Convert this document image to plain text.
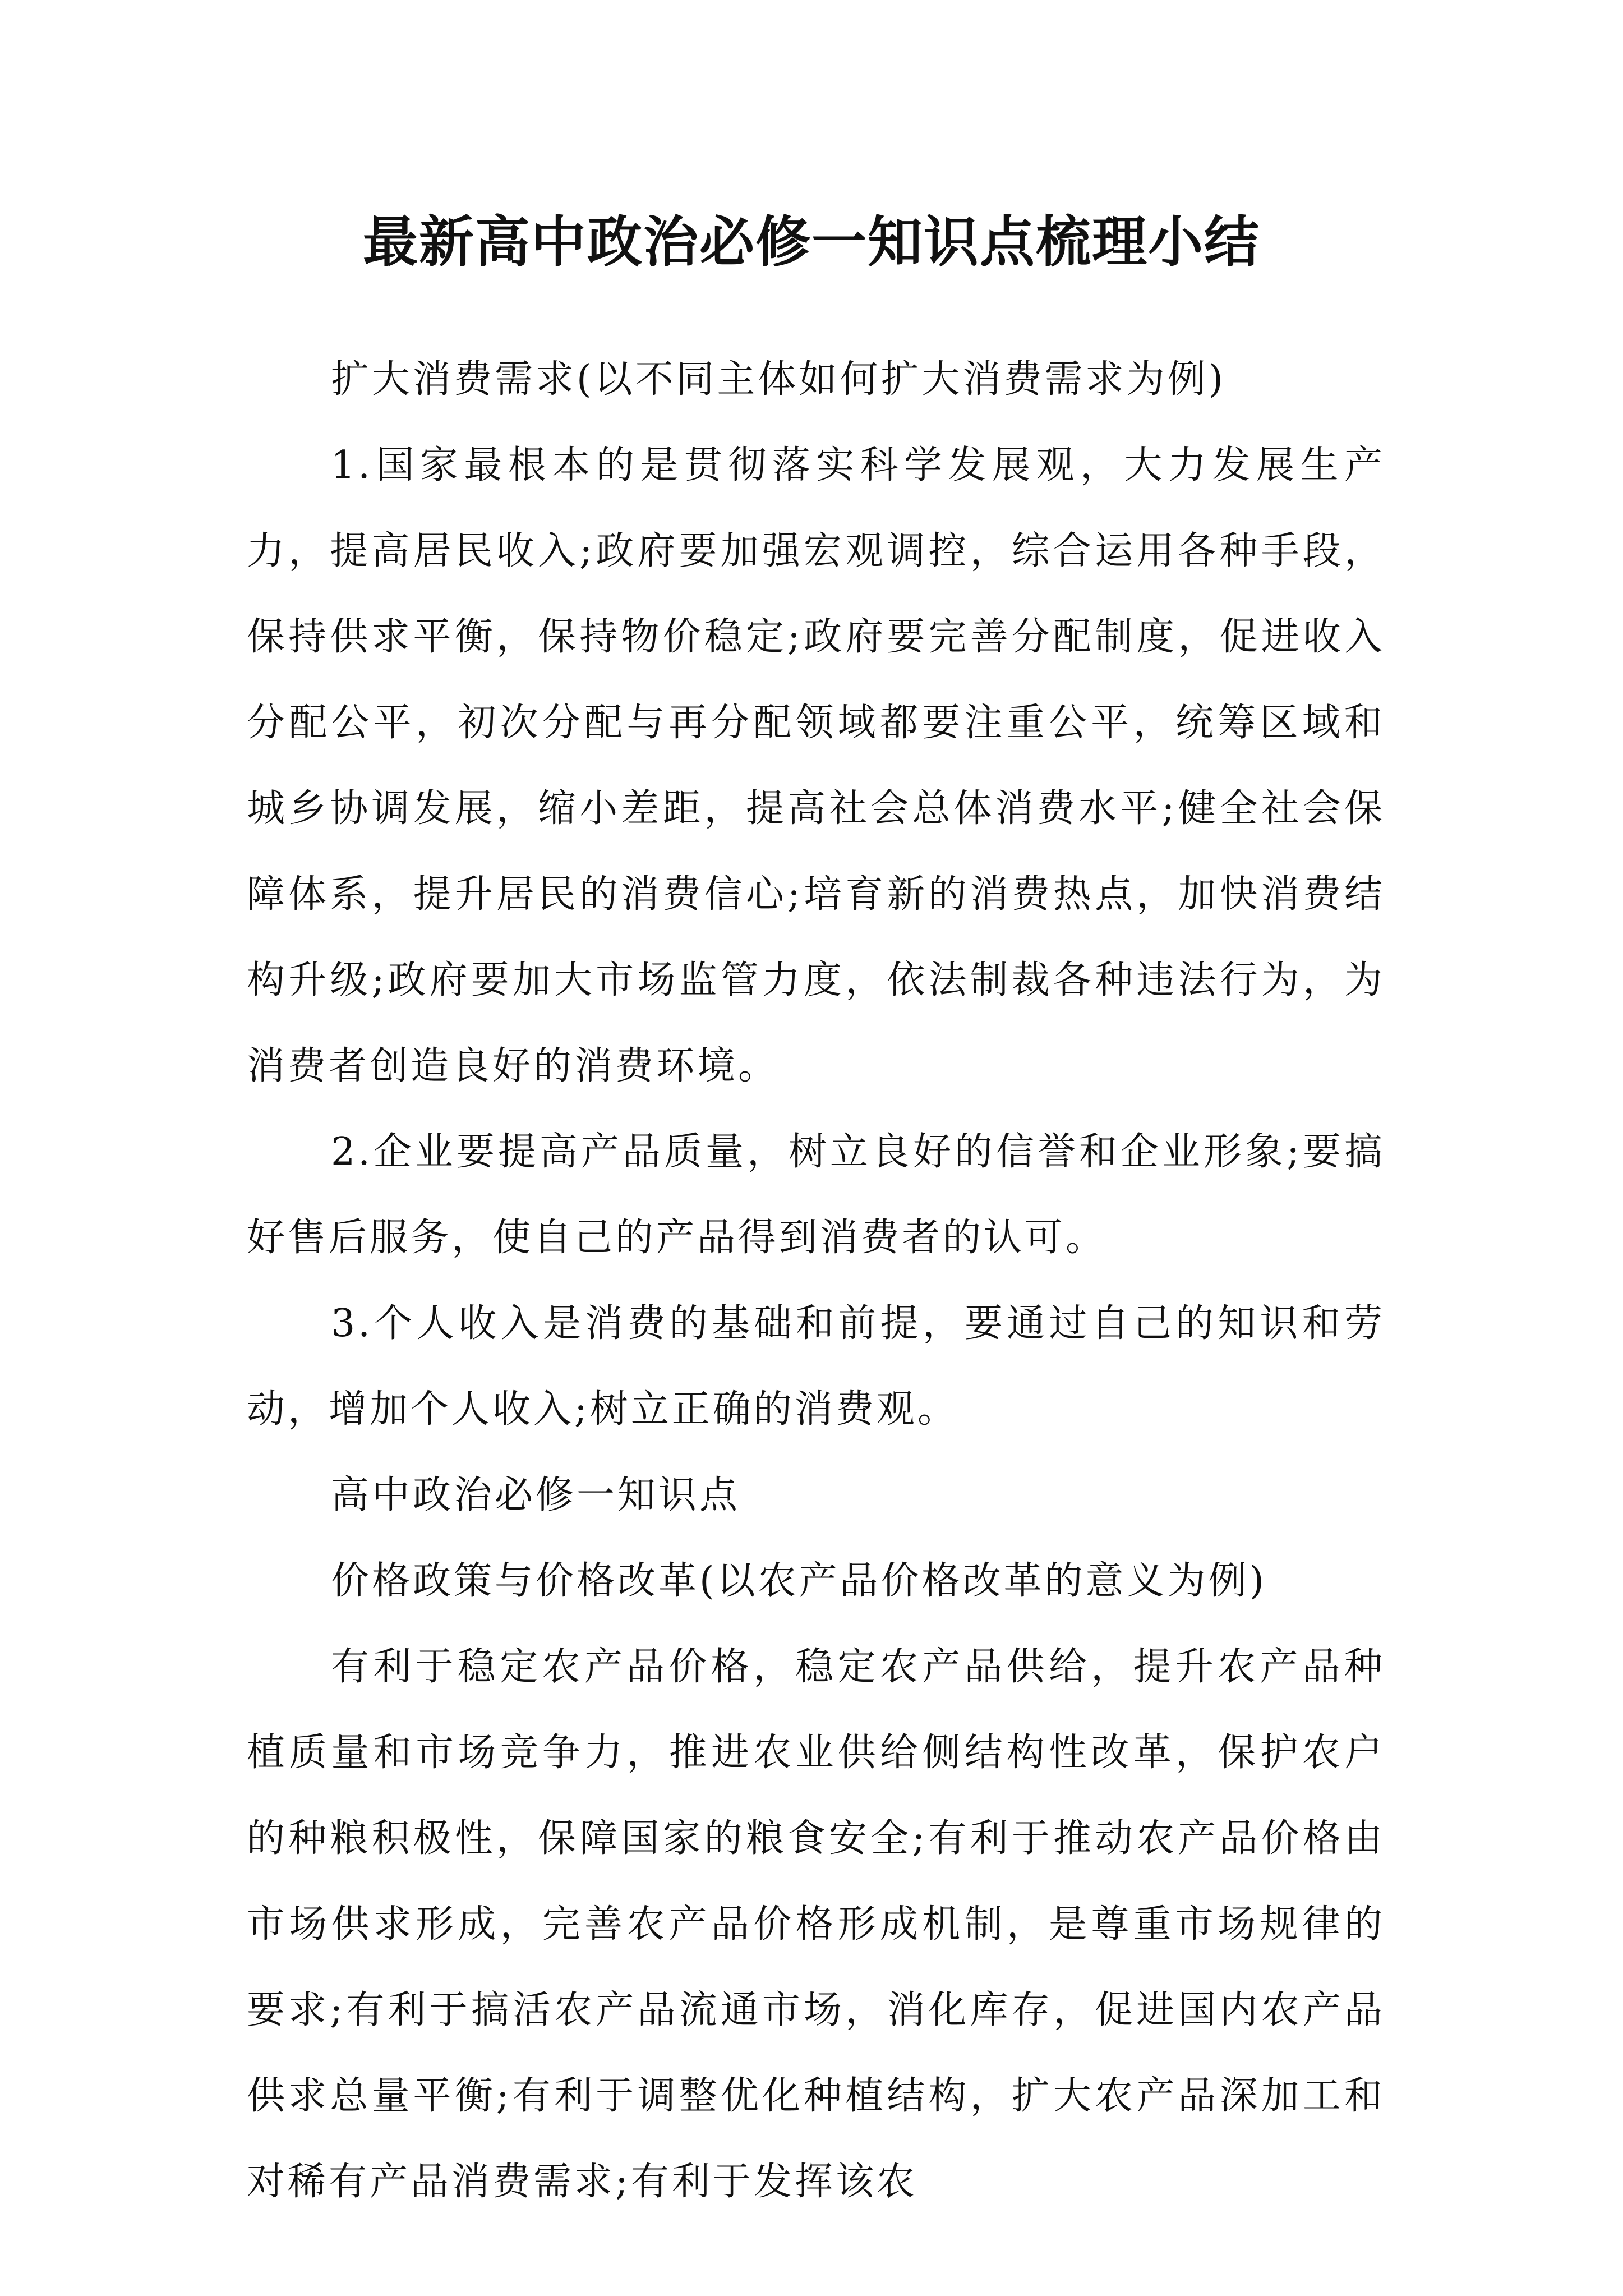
最新高中政治必修一知识点梳理小结

扩大消费需求(以不同主体如何扩大消费需求为例)

1.国家最根本的是贯彻落实科学发展观，大力发展生产力，提高居民收入;政府要加强宏观调控，综合运用各种手段，保持供求平衡，保持物价稳定;政府要完善分配制度，促进收入分配公平，初次分配与再分配领域都要注重公平，统筹区域和城乡协调发展，缩小差距，提高社会总体消费水平;健全社会保障体系，提升居民的消费信心;培育新的消费热点，加快消费结构升级;政府要加大市场监管力度，依法制裁各种违法行为，为消费者创造良好的消费环境。

2.企业要提高产品质量，树立良好的信誉和企业形象;要搞好售后服务，使自己的产品得到消费者的认可。

3.个人收入是消费的基础和前提，要通过自己的知识和劳动，增加个人收入;树立正确的消费观。

高中政治必修一知识点

价格政策与价格改革(以农产品价格改革的意义为例)

有利于稳定农产品价格，稳定农产品供给，提升农产品种植质量和市场竞争力，推进农业供给侧结构性改革，保护农户的种粮积极性，保障国家的粮食安全;有利于推动农产品价格由市场供求形成，完善农产品价格形成机制，是尊重市场规律的要求;有利于搞活农产品流通市场，消化库存，促进国内农产品供求总量平衡;有利于调整优化种植结构，扩大农产品深加工和对稀有产品消费需求;有利于发挥该农
